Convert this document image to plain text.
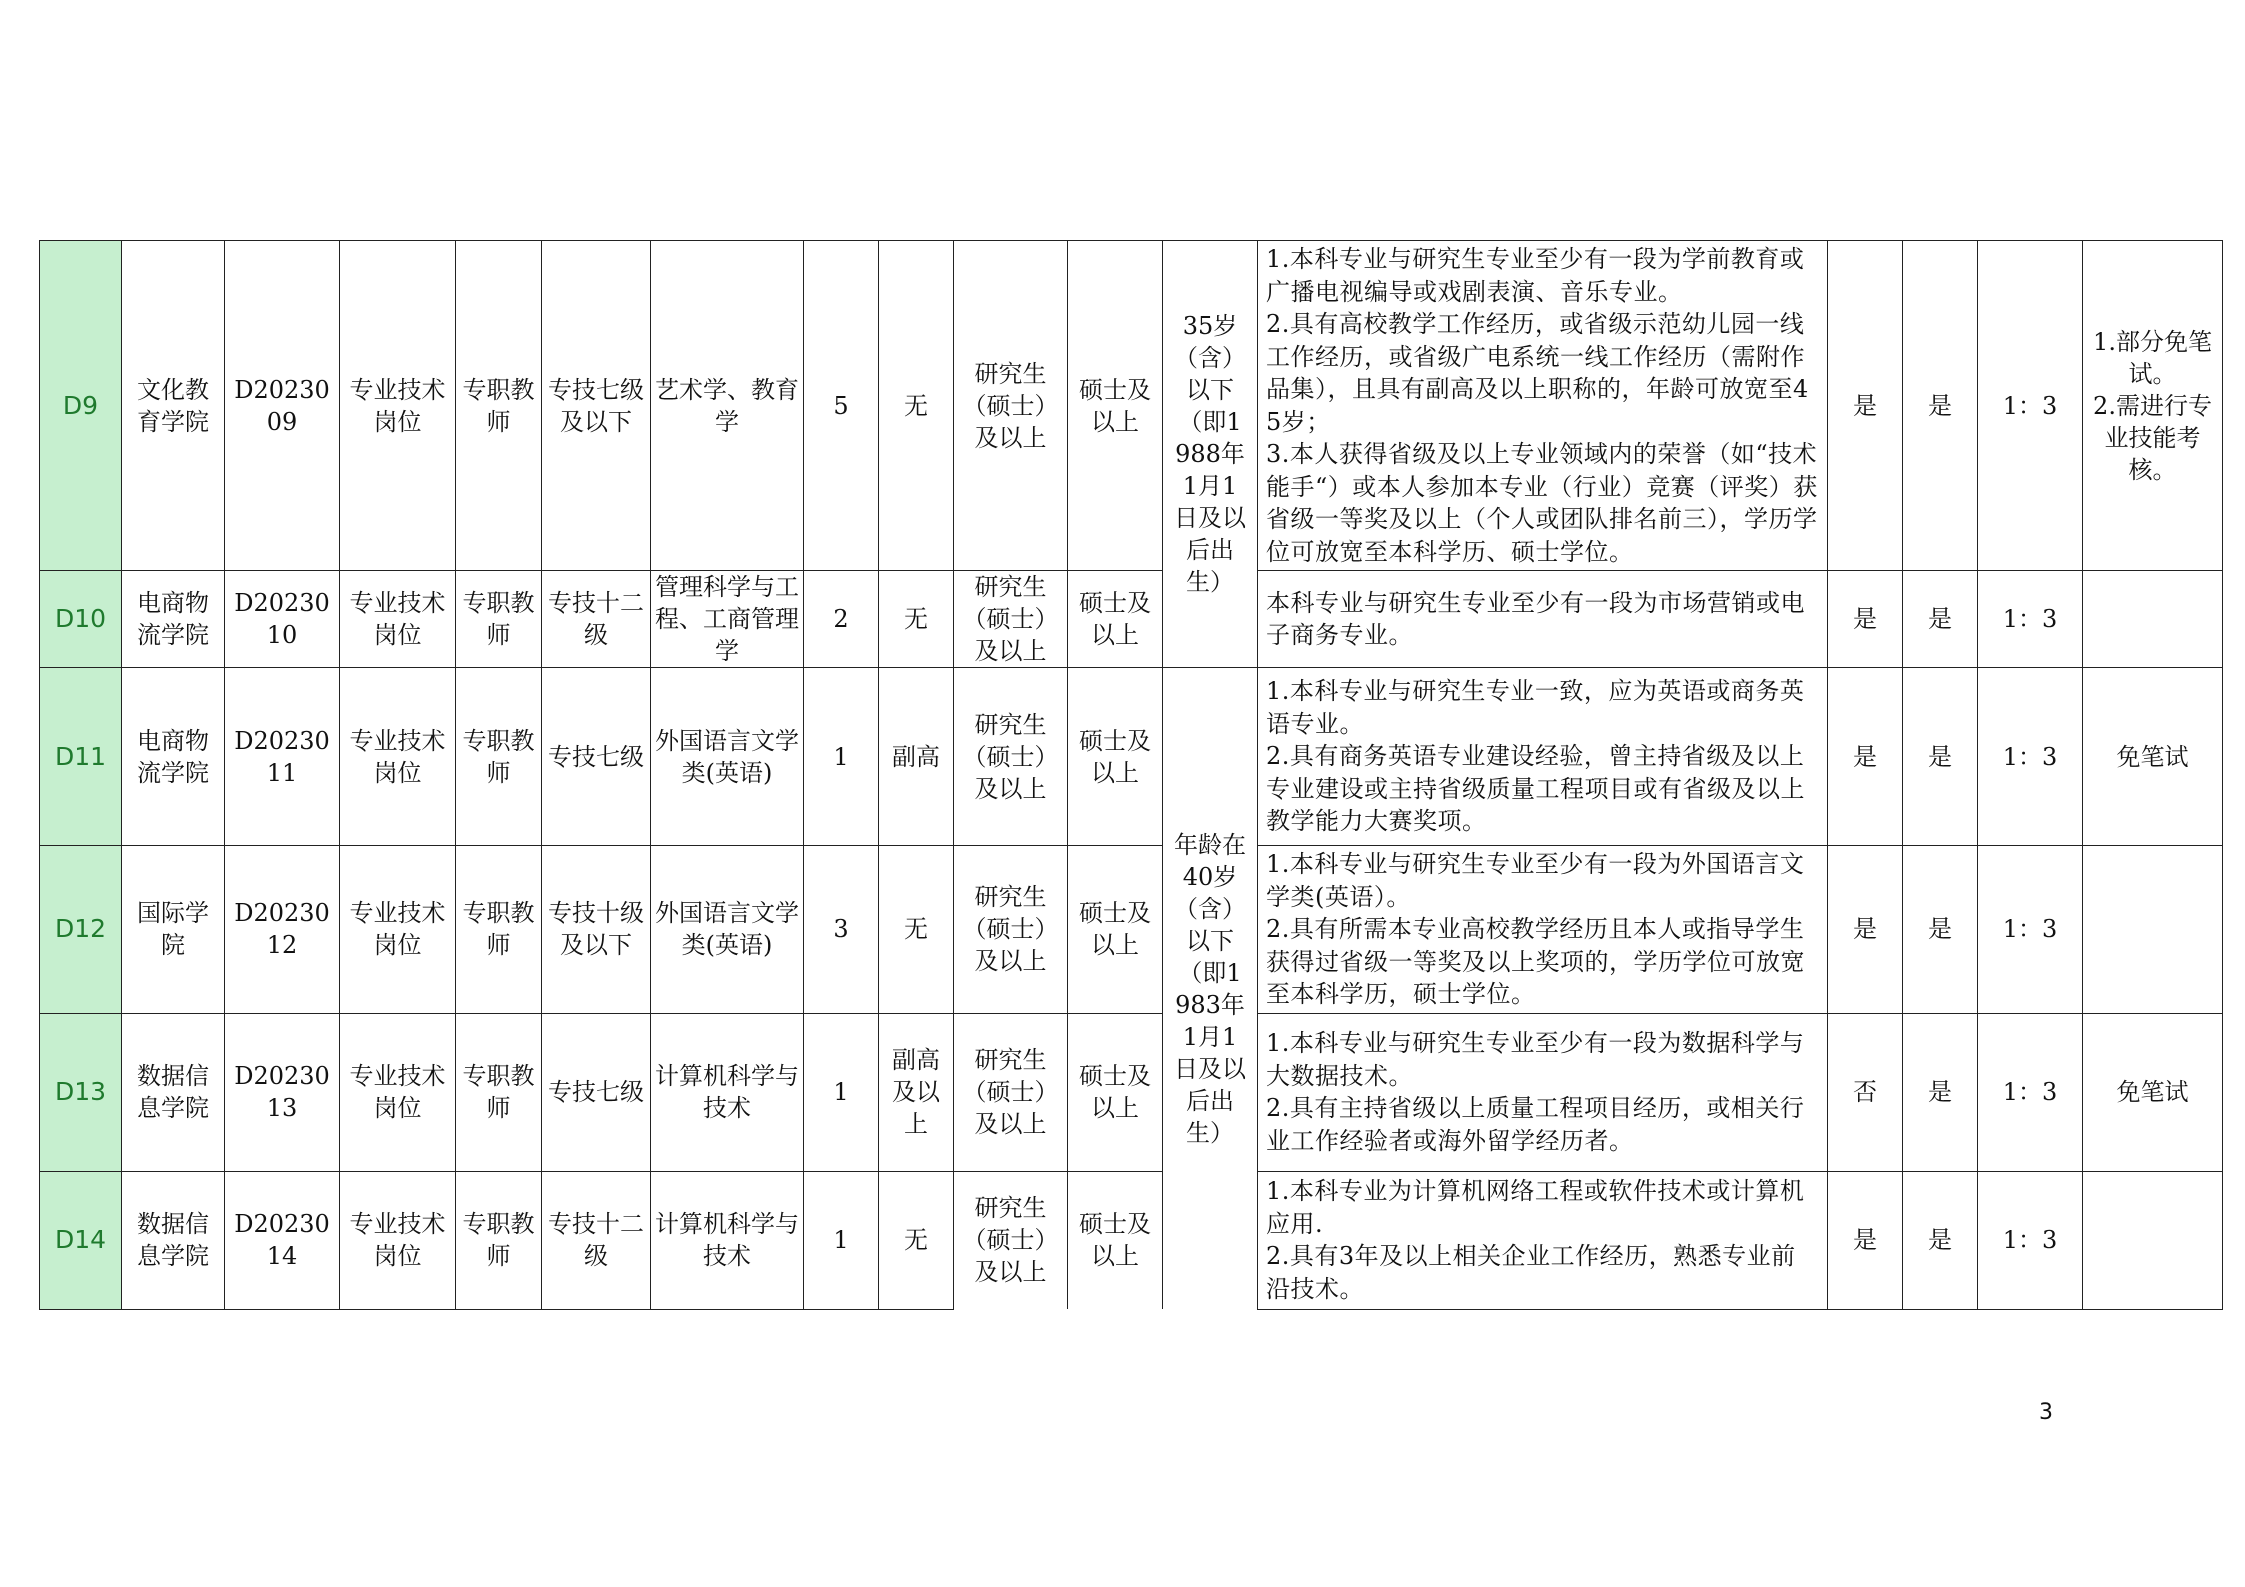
D9	文化教育学院	D2023009	专业技术岗位	专职教师	专技七级及以下	艺术学、教育学	5	无	研究生（硕士）及以上	硕士及以上	35岁（含）以下（即1988年1月1日及以后出生）	1.本科专业与研究生专业至少有一段为学前教育或广播电视编导或戏剧表演、音乐专业。
2.具有高校教学工作经历，或省级示范幼儿园一线工作经历，或省级广电系统一线工作经历（需附作品集），且具有副高及以上职称的，年龄可放宽至45岁；
3.本人获得省级及以上专业领域内的荣誉（如“技术能手“）或本人参加本专业（行业）竞赛（评奖）获省级一等奖及以上（个人或团队排名前三），学历学位可放宽至本科学历、硕士学位。	是	是	1：3	1.部分免笔试。
2.需进行专业技能考核。
D10	电商物流学院	D2023010	专业技术岗位	专职教师	专技十二级	管理科学与工程、工商管理学	2	无	研究生（硕士）及以上	硕士及以上		本科专业与研究生专业至少有一段为市场营销或电子商务专业。	是	是	1：3	
D11	电商物流学院	D2023011	专业技术岗位	专职教师	专技七级	外国语言文学类(英语)	1	副高	研究生（硕士）及以上	硕士及以上	年龄在40岁（含）以下（即1983年1月1日及以后出生）	1.本科专业与研究生专业一致，应为英语或商务英语专业。
2.具有商务英语专业建设经验，曾主持省级及以上专业建设或主持省级质量工程项目或有省级及以上教学能力大赛奖项。	是	是	1：3	免笔试
D12	国际学院	D2023012	专业技术岗位	专职教师	专技十级及以下	外国语言文学类(英语)	3	无	研究生（硕士）及以上	硕士及以上		1.本科专业与研究生专业至少有一段为外国语言文学类(英语）。
2.具有所需本专业高校教学经历且本人或指导学生获得过省级一等奖及以上奖项的，学历学位可放宽至本科学历，硕士学位。	是	是	1：3	
D13	数据信息学院	D2023013	专业技术岗位	专职教师	专技七级	计算机科学与技术	1	副高及以上	研究生（硕士）及以上	硕士及以上		1.本科专业与研究生专业至少有一段为数据科学与大数据技术。
2.具有主持省级以上质量工程项目经历，或相关行业工作经验者或海外留学经历者。	否	是	1：3	免笔试
D14	数据信息学院	D2023014	专业技术岗位	专职教师	专技十二级	计算机科学与技术	1	无	研究生（硕士）及以上	硕士及以上		1.本科专业为计算机网络工程或软件技术或计算机应用.
2.具有3年及以上相关企业工作经历，熟悉专业前沿技术。	是	是	1：3	
3
